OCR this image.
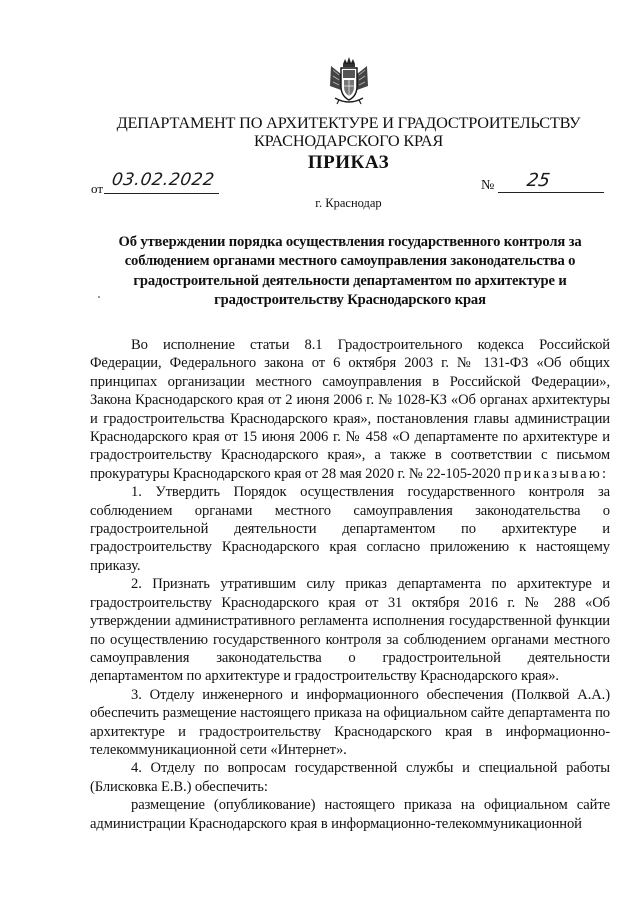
ДЕПАРТАМЕНТ ПО АРХИТЕКТУРЕ И ГРАДОСТРОИТЕЛЬСТВУ
КРАСНОДАРСКОГО КРАЯ
ПРИКАЗ
от 03.02.2022	№ 25
г. Краснодар
Об утверждении порядка осуществления государственного контроля за соблюдением органами местного самоуправления законодательства о градостроительной деятельности департаментом по архитектуре и градостроительству Краснодарского края

Во исполнение статьи 8.1 Градостроительного кодекса Российской Федерации, Федерального закона от 6 октября 2003 г. № 131-ФЗ «Об общих принципах организации местного самоуправления в Российской Федерации», Закона Краснодарского края от 2 июня 2006 г. № 1028-КЗ «Об органах архитектуры и градостроительства Краснодарского края», постановления главы администрации Краснодарского края от 15 июня 2006 г. № 458 «О департаменте по архитектуре и градостроительству Краснодарского края», а также в соответствии с письмом прокуратуры Краснодарского края от 28 мая 2020 г. № 22-105-2020 приказываю:

1. Утвердить Порядок осуществления государственного контроля за соблюдением органами местного самоуправления законодательства о градостроительной деятельности департаментом по архитектуре и градостроительству Краснодарского края согласно приложению к настоящему приказу.

2. Признать утратившим силу приказ департамента по архитектуре и градостроительству Краснодарского края от 31 октября 2016 г. № 288 «Об утверждении административного регламента исполнения государственной функции по осуществлению государственного контроля за соблюдением органами местного самоуправления законодательства о градостроительной деятельности департаментом по архитектуре и градостроительству Краснодарского края».

3. Отделу инженерного и информационного обеспечения (Полквой А.А.) обеспечить размещение настоящего приказа на официальном сайте департамента по архитектуре и градостроительству Краснодарского края в информационно-телекоммуникационной сети «Интернет».

4. Отделу по вопросам государственной службы и специальной работы (Блисковка Е.В.) обеспечить:

размещение (опубликование) настоящего приказа на официальном сайте администрации Краснодарского края в информационно-телекоммуникационной
